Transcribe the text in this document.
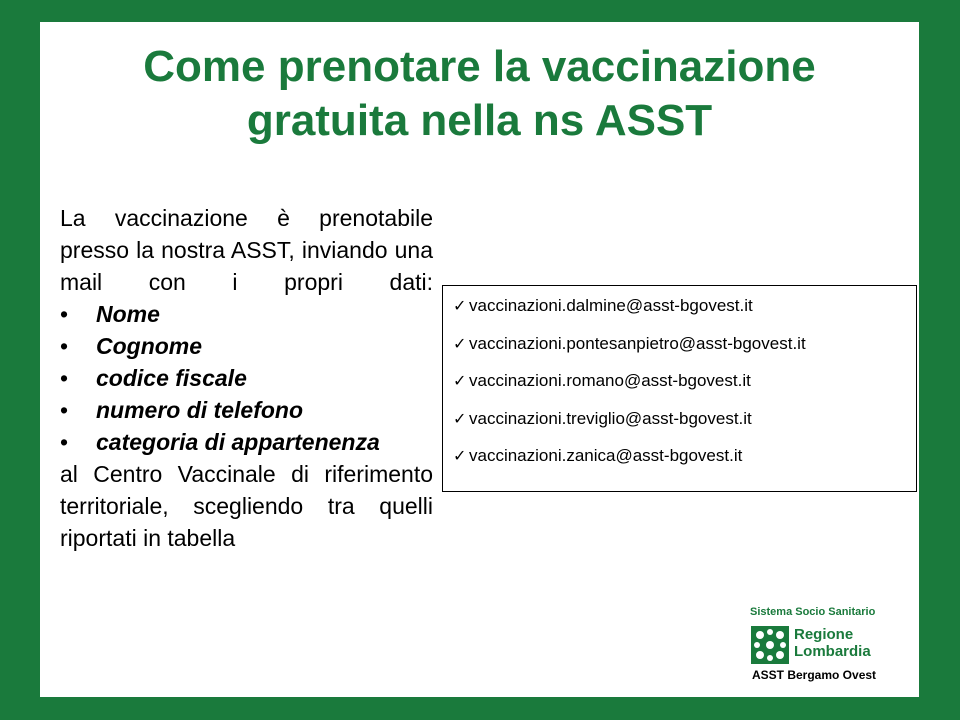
Come prenotare la vaccinazione
gratuita nella ns ASST
La vaccinazione è prenotabile presso la nostra ASST, inviando una mail con i propri dati:
• Nome
• Cognome
• codice fiscale
• numero di telefono
• categoria di appartenenza
al Centro Vaccinale di riferimento territoriale, scegliendo tra quelli riportati in tabella
✓ vaccinazioni.dalmine@asst-bgovest.it
✓ vaccinazioni.pontesanpietro@asst-bgovest.it
✓ vaccinazioni.romano@asst-bgovest.it
✓ vaccinazioni.treviglio@asst-bgovest.it
✓ vaccinazioni.zanica@asst-bgovest.it
Sistema Socio Sanitario
Regione
Lombardia
ASST Bergamo Ovest
